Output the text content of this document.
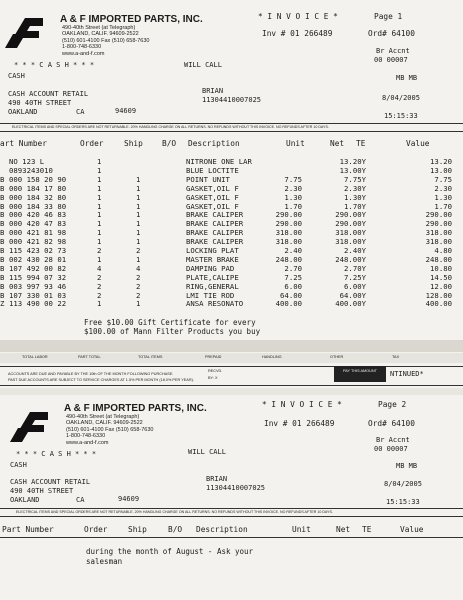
A & F IMPORTED PARTS, INC.
490-40th Street (at Telegraph)
OAKLAND, CALIF. 94609-2522
(510) 601-4100 Fax (510) 658-7630
1-800-748-6330
www.a-and-f.com
* I N V O I C E *	Page 1
Inv # 01 266489	Ord# 64100
Br Accnt
00 00007
* * * C A S H * * *	WILL CALL
CASH	MB MB
CASH ACCOUNT RETAIL	BRIAN
490 40TH STREET	11304410007025	8/04/2005
OAKLAND	CA	94609
15:15:33
ELECTRICAL ITEMS AND SPECIAL ORDERS ARE NOT RETURNABLE. 20% HANDLING CHARGE ON ALL RETURNS. NO REFUNDS WITHOUT THIS INVOICE. NO REFUNDS AFTER 10 DAYS.
art Number	Order	Ship B/O Description	Unit	Net TE	Value
NO 123 L	1	NITRONE ONE LAR	13.20Y	13.20
0893243010	1	BLUE LOCTITE	13.00Y	13.00
B 000 158 20 90	1	1	POINT UNIT	7.75	7.75Y	7.75
B 000 184 17 80	1	1	GASKET,OIL F	2.30	2.30Y	2.30
B 000 184 32 80	1	1	GASKET,OIL F	1.30	1.30Y	1.30
B 000 184 33 80	1	1	GASKET,OIL F	1.70	1.70Y	1.70
B 000 420 46 83	1	1	BRAKE CALIPER	290.00	290.00Y	290.00
B 000 420 47 83	1	1	BRAKE CALIPER	290.00	290.00Y	290.00
B 000 421 81 98	1	1	BRAKE CALIPER	318.00	318.00Y	318.00
B 000 421 82 98	1	1	BRAKE CALIPER	318.00	318.00Y	318.00
B 115 423 02 73	2	2	LOCKING PLAT	2.40	2.40Y	4.80
B 002 430 28 01	1	1	MASTER BRAKE	248.00	248.00Y	248.00
B 107 492 00 82	4	4	DAMPING PAD	2.70	2.70Y	10.80
B 115 994 07 32	2	2	PLATE,CALIPE	7.25	7.25Y	14.50
B 003 997 93 46	2	2	RING,GENERAL	6.00	6.00Y	12.00
B 107 330 01 03	2	2	LMI TIE ROD	64.00	64.00Y	128.00
Z 113 490 00 22	1	1	ANSA RESONATO	400.00	400.00Y	400.00
Free $10.00 Gift Certificate for every
$100.00 of Mann Filter Products you buy
TOTAL LABOR	PART TOTAL	TOTAL ITEMS	PREPAID	HANDLING	OTHER	TAX
ACCOUNTS ARE DUE AND PAYABLE BY THE 10th OF THE MONTH FOLLOWING PURCHASE.
PAST DUE ACCOUNTS ARE SUBJECT TO SERVICE CHARGES AT 1.5% PER MONTH (18.0% PER YEAR).
RECVD.
BY: X
PAY THIS AMOUNT	NTINUED*
A & F IMPORTED PARTS, INC.
490-40th Street (at Telegraph)
OAKLAND, CALIF. 94609-2522
(510) 601-4100 Fax (510) 658-7630
1-800-748-6330
www.a-and-f.com
* I N V O I C E *	Page 2
Inv # 01 266489	Ord# 64100
Br Accnt
00 00007
* * * C A S H * * *	WILL CALL
CASH	MB MB
CASH ACCOUNT RETAIL	BRIAN
490 40TH STREET	11304410007025	8/04/2005
OAKLAND	CA	94609	15:15:33
ELECTRICAL ITEMS AND SPECIAL ORDERS ARE NOT RETURNABLE. 20% HANDLING CHARGE ON ALL RETURNS. NO REFUNDS WITHOUT THIS INVOICE. NO REFUNDS AFTER 10 DAYS.
Part Number	Order	Ship	B/O Description	Unit	Net TE	Value
during the month of August - Ask your
salesman
